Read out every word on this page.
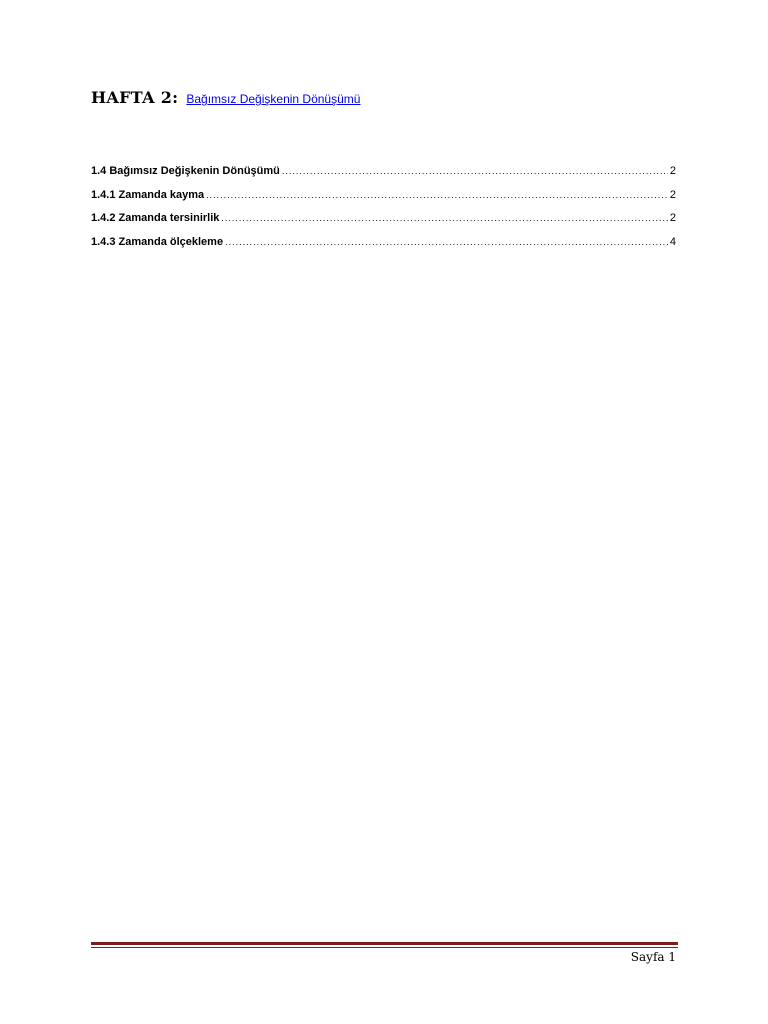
HAFTA 2: Bağımsız Değişkenin Dönüşümü
1.4 Bağımsız Değişkenin Dönüşümü .....	2
1.4.1 Zamanda kayma .....	2
1.4.2 Zamanda tersinirlik .....	2
1.4.3 Zamanda ölçekleme .....	4
Sayfa 1
